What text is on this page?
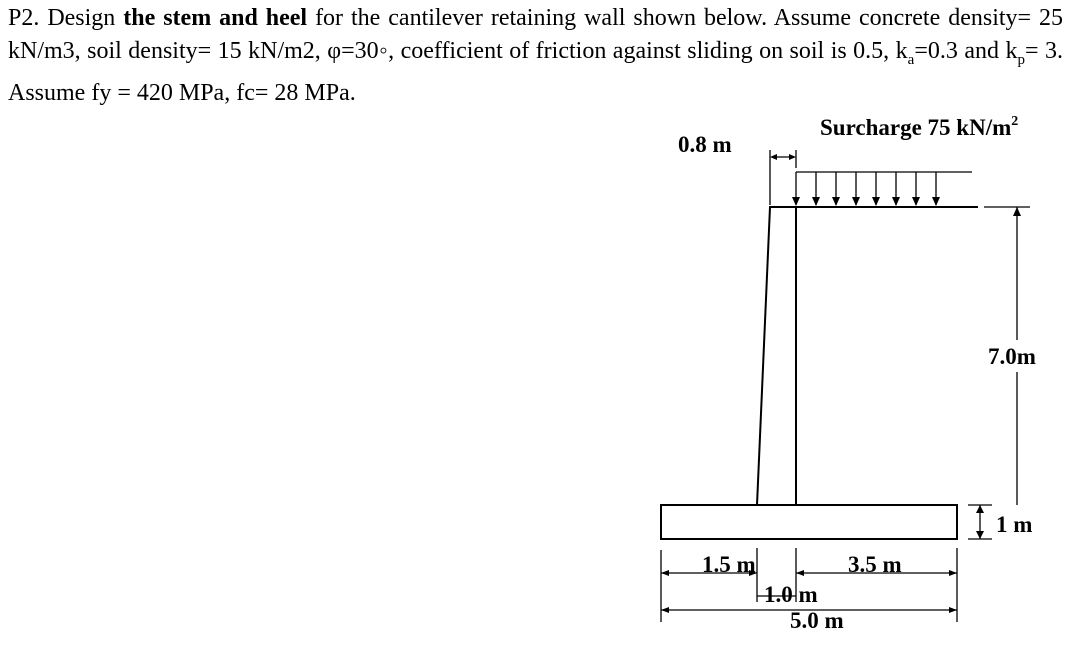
P2. Design the stem and heel for the cantilever retaining wall shown below. Assume concrete density= 25 kN/m3, soil density= 15 kN/m2, φ=30◦, coefficient of friction against sliding on soil is 0.5, $k_a=0.3$ and $k_p= 3$. Assume fy = 420 MPa, fc= 28 MPa.
0.8 m
Surcharge 75 $kN/m^2$
7.0m
1 m
1.5 m	3.5 m
1.0 m
5.0 m
